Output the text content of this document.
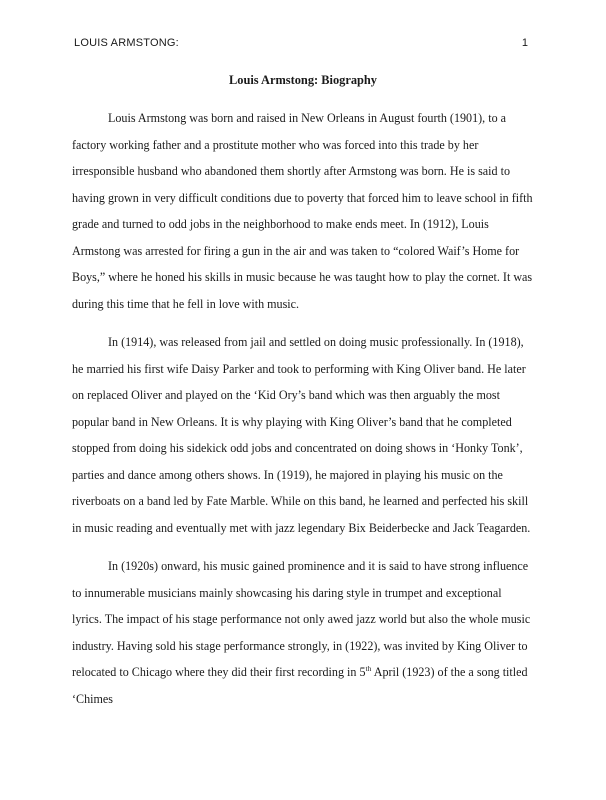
LOUIS ARMSTONG:	1
Louis Armstong: Biography

Louis Armstong was born and raised in New Orleans in August fourth (1901), to a factory working father and a prostitute mother who was forced into this trade by her irresponsible husband who abandoned them shortly after Armstong was born. He is said to having grown in very difficult conditions due to poverty that forced him to leave school in fifth grade and turned to odd jobs in the neighborhood to make ends meet. In (1912), Louis Armstong was arrested for firing a gun in the air and was taken to “colored Waif’s Home for Boys,” where he honed his skills in music because he was taught how to play the cornet. It was during this time that he fell in love with music.

In (1914), was released from jail and settled on doing music professionally. In (1918), he married his first wife Daisy Parker and took to performing with King Oliver band. He later on replaced Oliver and played on the ‘Kid Ory’s band which was then arguably the most popular band in New Orleans. It is why playing with King Oliver’s band that he completed stopped from doing his sidekick odd jobs and concentrated on doing shows in ‘Honky Tonk’, parties and dance among others shows. In (1919), he majored in playing his music on the riverboats on a band led by Fate Marble. While on this band, he learned and perfected his skill in music reading and eventually met with jazz legendary Bix Beiderbecke and Jack Teagarden.

In (1920s) onward, his music gained prominence and it is said to have strong influence to innumerable musicians mainly showcasing his daring style in trumpet and exceptional lyrics. The impact of his stage performance not only awed jazz world but also the whole music industry. Having sold his stage performance strongly, in (1922), was invited by King Oliver to relocated to Chicago where they did their first recording in 5th April (1923) of the a song titled ‘Chimes
